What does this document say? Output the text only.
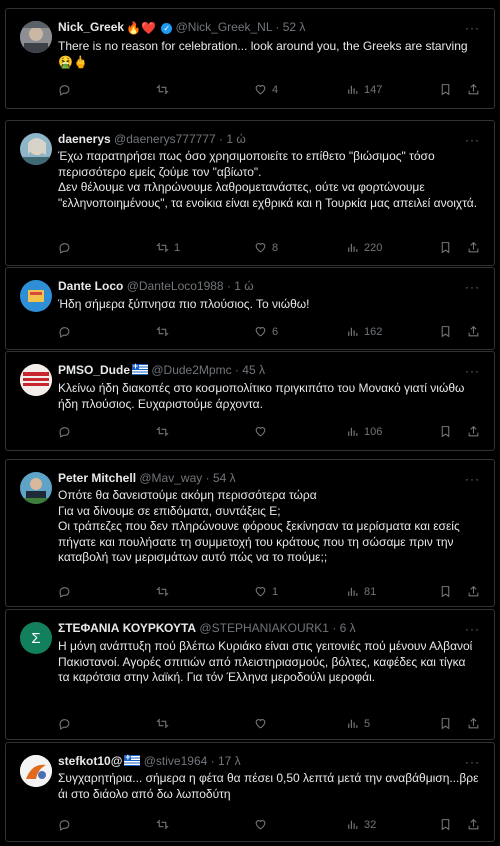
Nick_Greek 🔥❤️ ✓ @Nick_Greek_NL · 52 λ	···

There is no reason for celebration... look around you, the Greeks are starving 🤮🖕

4	147
daenerys @daenerys777777 · 1 ώ	···

Έχω παρατηρήσει πως όσο χρησιμοποιείτε το επίθετο "βιώσιμος" τόσο περισσότερο εμείς ζούμε τον "αβίωτο".

Δεν θέλουμε να πληρώνουμε λαθρομετανάστες, ούτε να φορτώνουμε "ελληνοποιημένους", τα ενοίκια είναι εχθρικά και η Τουρκία μας απειλεί ανοιχτά.

1	8	220
Dante Loco @DanteLoco1988 · 1 ώ	···

Ήδη σήμερα ξύπνησα πιο πλούσιος. Το νιώθω!

6	162
PMSO_Dude + @Dude2Mpmc · 45 λ	···

Κλείνω ήδη διακοπές στο κοσμοπολίτικο πριγκιπάτο του Μονακό γιατί νιώθω ήδη πλούσιος. Ευχαριστούμε άρχοντα.

106
Peter Mitchell @Mav_way · 54 λ	···

Οπότε θα δανειστούμε ακόμη περισσότερα τώρα

Για να δίνουμε σε επιδόματα, συντάξεις Ε;

Οι τράπεζες που δεν πληρώνουνε φόρους ξεκίνησαν τα μερίσματα και εσείς πήγατε και πουλήσατε τη συμμετοχή του κράτους που τη σώσαμε πριν την καταβολή των μερισμάτων αυτό πώς να το πούμε;;

1	81
Σ
ΣΤΕΦΑΝΙΑ ΚΟΥΡΚΟΥΤΑ @STEPHANIAKOURK1 · 6 λ	···

Η μόνη ανάπτυξη πού βλέπω Κυριάκο είναι στις γειτονιές πού μένουν Αλβανοί Πακιστανοί. Αγορές σπιτιών από πλειστηριασμούς, βόλτες, καφέδες και τίγκα τα καρότσια στην λαϊκή. Για τόν Έλληνα μεροδούλι μεροφάι.

5
stefkot10@ + @stive1964 · 17 λ	···

Συγχαρητήρια... σήμερα η φέτα θα πέσει 0,50 λεπτά μετά την αναβάθμιση...βρε άι στο διάολο από δω λωποδύτη

32
